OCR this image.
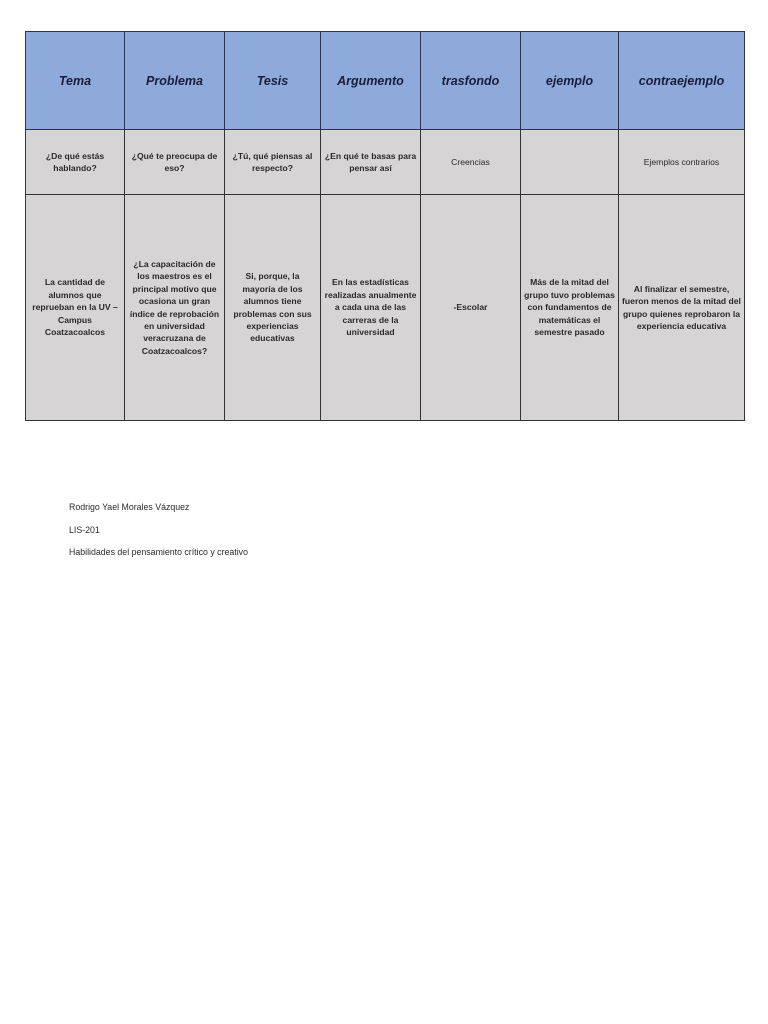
Tema	Problema	Tesis	Argumento	trasfondo	ejemplo	contraejemplo
¿De qué estás hablando?	¿Qué te preocupa de eso?	¿Tú, qué piensas al respecto?	¿En qué te basas para pensar así	Creencias		Ejemplos contrarios
La cantidad de alumnos que reprueban en la UV – Campus Coatzacoalcos	¿La capacitación de los maestros es el principal motivo que ocasiona un gran índice de reprobación en universidad veracruzana de Coatzacoalcos?	Si, porque, la mayoría de los alumnos tiene problemas con sus experiencias educativas	En las estadísticas realizadas anualmente a cada una de las carreras de la universidad	-Escolar	Más de la mitad del grupo tuvo problemas con fundamentos de matemáticas el semestre pasado	Al finalizar el semestre, fueron menos de la mitad del grupo quienes reprobaron la experiencia educativa

Rodrigo Yael Morales Vázquez

LIS-201

Habilidades del pensamiento crítico y creativo
